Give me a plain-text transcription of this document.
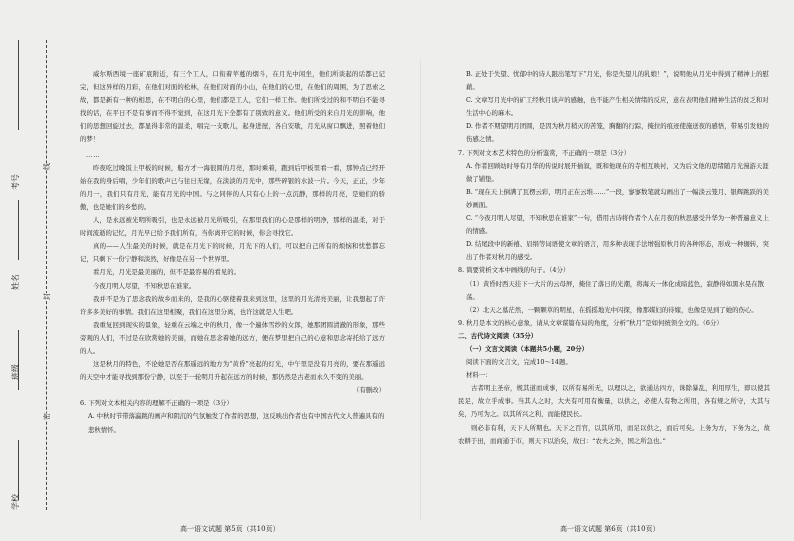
学校
班级
姓名
考号
密
封
线

威尔斯西境一座矿底附近，有三个工人，口衔着苹蔓的烟斗，在月光中闲坐，他们所谈起的话都已记完，但这异样的月彩，在他们对面的松林，在他们对面的小山，在他们的心里，在他们的周围，为了思索之故，都是新有一种的相思，在不明白的心里，他们都是工人，它们一样工作。他们所受过的和不明白不能寻找的话，在平日不是有事而不得不觉到，在这月光下全都有了别致的意义。他们所受的来自月光的影响，他们的思想回旋过去，都显得非常的温柔，唱完一支歌儿，起身进屋，各自安歇，月光从窗口飘进，照着他们的梦！

……

昨夜吃过晚饭上甲板的时候，船方才一海很圆的月亮，那时乘着，跑到后甲板里看一看，那钟点已经开始在我的身后唱，少年们的歌声已与往日无缘，在淡淡的月光中，那些碎银的水波一片。今天，正正，少年的月一，我们只有月光，能有月光的中国。与之同伴的人只有心上的一点沉静，那样的月亮，是她们的骄傲，也是她们的乡愁的。

人，是永远被光明所吸引，也是永远被月光所吸引，在那里我们的心是那样的明净，那样的温柔，对于时间流逝的记忆，月光早已给予我们所有，当你离开它的时候，你会寻找它。

真的——人生最美的时候，就是在月光下的时候，月光下的人们，可以把自己所有的烦恼和忧愁都忘记，只剩下一份宁静和淡然，好像是在另一个世界里。

看月光，月光是最美丽的，但不是最容易的看见的。

今夜月明人尽望，不知秋思在谁家。

我并不是为了思念我的故乡而来的，是我的心驱使着我来到这里，这里的月光清亮美丽，让我想起了许许多多美好的事情。我们在这里相聚，我们在这里分离，也许这就是人生吧。

我重复回到现实的景象，轻重在云端之中的秋月，像一个遍体雪纱的女郎，她那团圆清澈的形象，那些旁观的人们，不过是在欣赏她的美丽，而她在思念着她的远方，便在梦里把自己的心意和思念寄托给了远方的人。

这是秋月的特色，不论她是否在那遥远的地方为“黄昏”亮起的灯光，中午里是没有月亮的，要在那遥远的天空中才能寻找到那份宁静，以至于一轮明月升起在远方的时候，那仍然是古老而永久不变的美丽。

（有删改）

6. 下列对文本相关内容的理解不正确的一项是（3分）

A. 中秋时节带落瀛跳的画声和阴沉的气氛触发了作者的思想，这反映出作者也有中国古代文人普遍具有的悲秋情怀。

B. 正处于失望、忧郁中的诗人跟出笔写下“月光，你是失望儿的乳娘！”，说明他从月光中得到了精神上的慰藉。

C. 文章写月光中的矿工经秋月谈声的感触，也不能产生相关情绪的反应，意在表明他们精神生活的贫乏和对生活中心的麻木。

D. 作者不期望明月团圆，是因为秋月稍灭的苦笼，胸翻的行踪，掩拉的痕迹使施送夜的感悟，带易引发他的伤感之情。

7. 下列对文本艺术特色的分析鉴赏，不正确的一项是（3分）

A. 作者回顾幼时导有月华的传说时展开插叙，既和他现在的寺相互映衬，又为后文他的思绪随月光漫游天涯做了铺垫。

B. “现在天上倒满了瓦楞云彩，明月正在云堆……”一段，寥寥数笔就勾画出了一幅淡云笼月、银辉跳跃的美妙画面。

C. “今夜月明人尽望，不知秋思在谁家”一句，借用古诗将作者个人在月夜的秋思感受升华为一种普遍意义上的情感。

D. 结尾段中的新禧、眉绢等词语使文章的语言，用多种表现手法增强原秋月的各种形态，形成一种辗转，突出了作者对秋月的感受。

8. 简要赏析文本中画线的句子。（4分）

（1）黄昏时西天挂下一大片的云母屏，掩住了落日的光潮，将海天一体化成暗蓝色，寂静得如黑水晃在散荡。

（2）北天之墓茫然，一颗颗草的明星，在摇摇地光中闪探，像那媒妇的待嫁，也像是见到了她的伤心。

9. 秋月是本文的核心意象，请从文章谋篇布局的角度，分析“秋月”是如何统领全文的。（6分）

二、古代诗文阅读（35分）

（一）文言文阅读（本题共5小题，20分）

阅读下面的文言文，完成10～14题。

材料一：

古者明主圣帝，规其道而成事，以所有易所无，以理以之，欲通达四方，诛除暴乱，利用厚生，即以使其民足，故立乎成事。当其人之时，大夫有可用有衡量，以供之，必使人有物之所用，各有规之所守，大其与矣，乃可为之。以其所兴之利，而能使民长。

则必非有利，天下人所期也。天下之百官，以其所用，而足以供之，而后可矣。上务为方，下务为之，故农耕于田，而商通于市，则天下以治矣，故曰：“农夫之外，国之所急也。”

高一语文试题 第5页（共10页）	高一语文试题 第6页（共10页）
